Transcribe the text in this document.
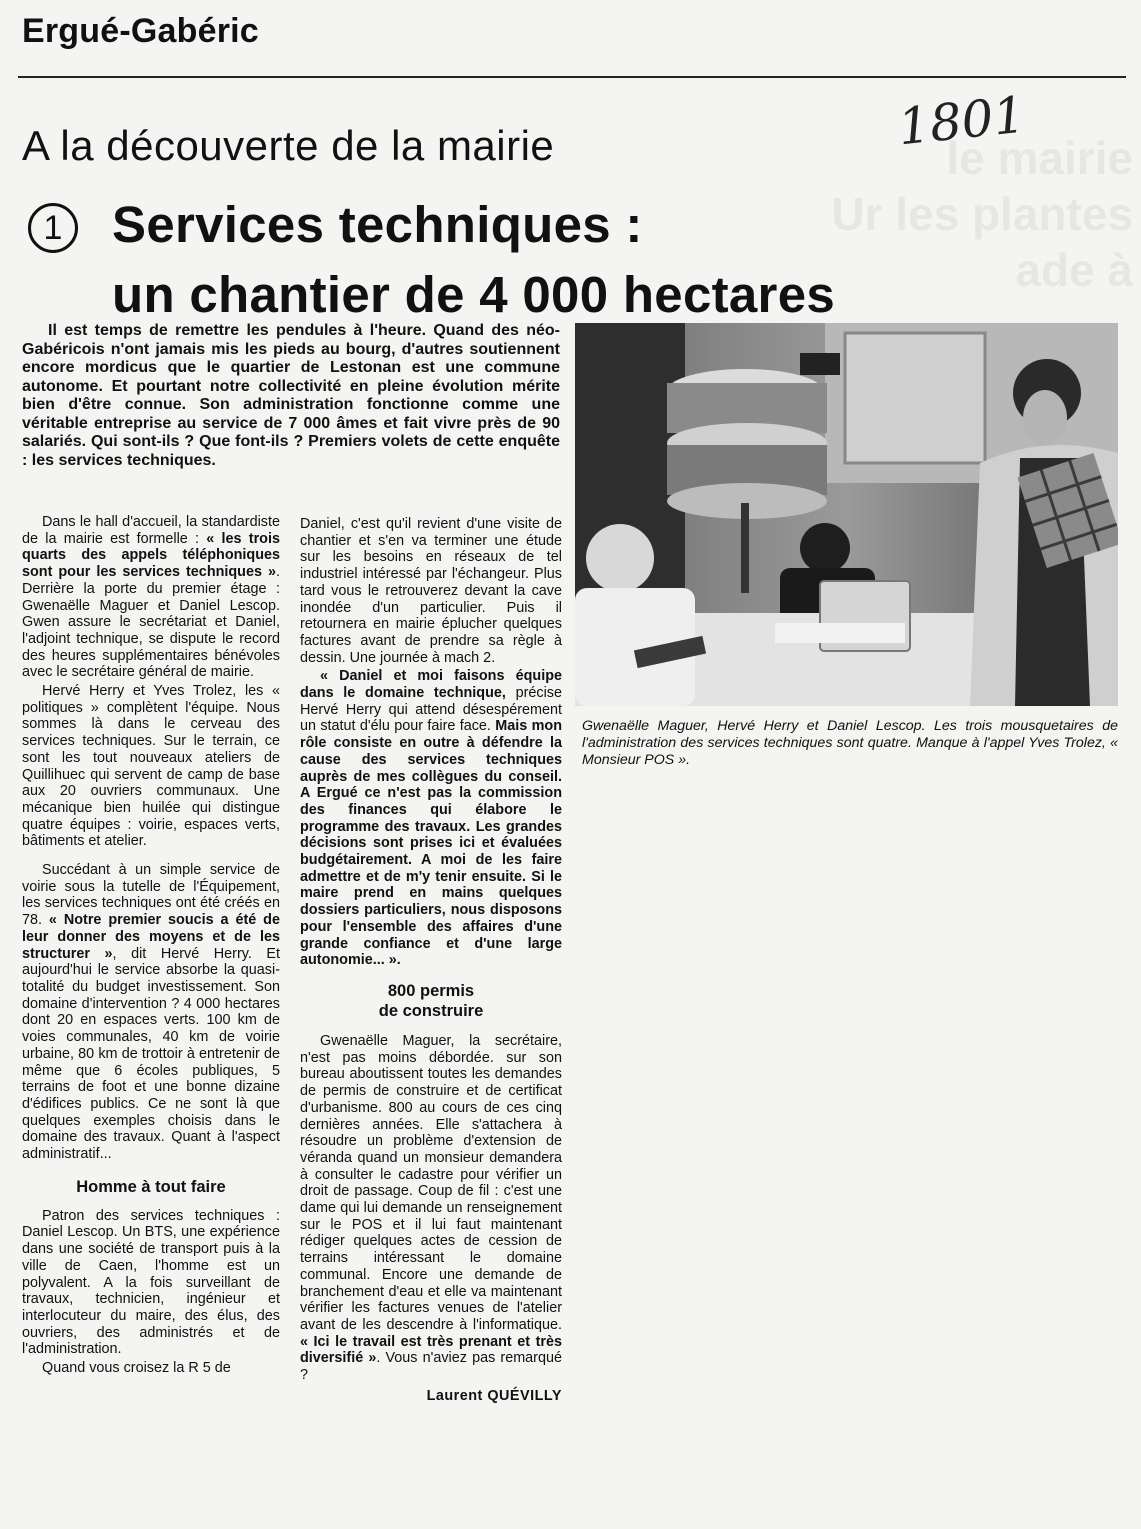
Ergué-Gabéric
le mairie
Ur les plantes
ade à
1801
A la découverte de la mairie
1 Services techniques :
un chantier de 4 000 hectares
Il est temps de remettre les pendules à l'heure. Quand des néo-Gabéricois n'ont jamais mis les pieds au bourg, d'autres soutiennent encore mordicus que le quartier de Lestonan est une commune autonome. Et pourtant notre collectivité en pleine évolution mérite bien d'être connue. Son administration fonctionne comme une véritable entreprise au service de 7 000 âmes et fait vivre près de 90 salariés. Qui sont-ils ? Que font-ils ? Premiers volets de cette enquête : les services techniques.

Dans le hall d'accueil, la standardiste de la mairie est formelle : « les trois quarts des appels téléphoniques sont pour les services techniques ». Derrière la porte du premier étage : Gwenaëlle Maguer et Daniel Lescop. Gwen assure le secrétariat et Daniel, l'adjoint technique, se dispute le record des heures supplémentaires bénévoles avec le secrétaire général de mairie.

Hervé Herry et Yves Trolez, les « politiques » complètent l'équipe. Nous sommes là dans le cerveau des services techniques. Sur le terrain, ce sont les tout nouveaux ateliers de Quillihuec qui servent de camp de base aux 20 ouvriers communaux. Une mécanique bien huilée qui distingue quatre équipes : voirie, espaces verts, bâtiments et atelier.

Succédant à un simple service de voirie sous la tutelle de l'Équipement, les services techniques ont été créés en 78. « Notre premier soucis a été de leur donner des moyens et de les structurer », dit Hervé Herry. Et aujourd'hui le service absorbe la quasi-totalité du budget investissement. Son domaine d'intervention ? 4 000 hectares dont 20 en espaces verts. 100 km de voies communales, 40 km de voirie urbaine, 80 km de trottoir à entretenir de même que 6 écoles publiques, 5 terrains de foot et une bonne dizaine d'édifices publics. Ce ne sont là que quelques exemples choisis dans le domaine des travaux. Quant à l'aspect administratif...

Homme à tout faire

Patron des services techniques : Daniel Lescop. Un BTS, une expérience dans une société de transport puis à la ville de Caen, l'homme est un polyvalent. A la fois surveillant de travaux, technicien, ingénieur et interlocuteur du maire, des élus, des ouvriers, des administrés et de l'administration.

Quand vous croisez la R 5 de

Daniel, c'est qu'il revient d'une visite de chantier et s'en va terminer une étude sur les besoins en réseaux de tel industriel intéressé par l'échangeur. Plus tard vous le retrouverez devant la cave inondée d'un particulier. Puis il retournera en mairie éplucher quelques factures avant de prendre sa règle à dessin. Une journée à mach 2.

« Daniel et moi faisons équipe dans le domaine technique, précise Hervé Herry qui attend désespérement un statut d'élu pour faire face. Mais mon rôle consiste en outre à défendre la cause des services techniques auprès de mes collègues du conseil. A Ergué ce n'est pas la commission des finances qui élabore le programme des travaux. Les grandes décisions sont prises ici et évaluées budgétairement. A moi de les faire admettre et de m'y tenir ensuite. Si le maire prend en mains quelques dossiers particuliers, nous disposons pour l'ensemble des affaires d'une grande confiance et d'une large autonomie... ».

800 permis
de construire

Gwenaëlle Maguer, la secrétaire, n'est pas moins débordée. sur son bureau aboutissent toutes les demandes de permis de construire et de certificat d'urbanisme. 800 au cours de ces cinq dernières années. Elle s'attachera à résoudre un problème d'extension de véranda quand un monsieur demandera à consulter le cadastre pour vérifier un droit de passage. Coup de fil : c'est une dame qui lui demande un renseignement sur le POS et il lui faut maintenant rédiger quelques actes de cession de terrains intéressant le domaine communal. Encore une demande de branchement d'eau et elle va maintenant vérifier les factures venues de l'atelier avant de les descendre à l'informatique. « Ici le travail est très prenant et très diversifié ». Vous n'aviez pas remarqué ?

Laurent QUÉVILLY
Gwenaëlle Maguer, Hervé Herry et Daniel Lescop. Les trois mousquetaires de l'administration des services techniques sont quatre. Manque à l'appel Yves Trolez, « Monsieur POS ».
